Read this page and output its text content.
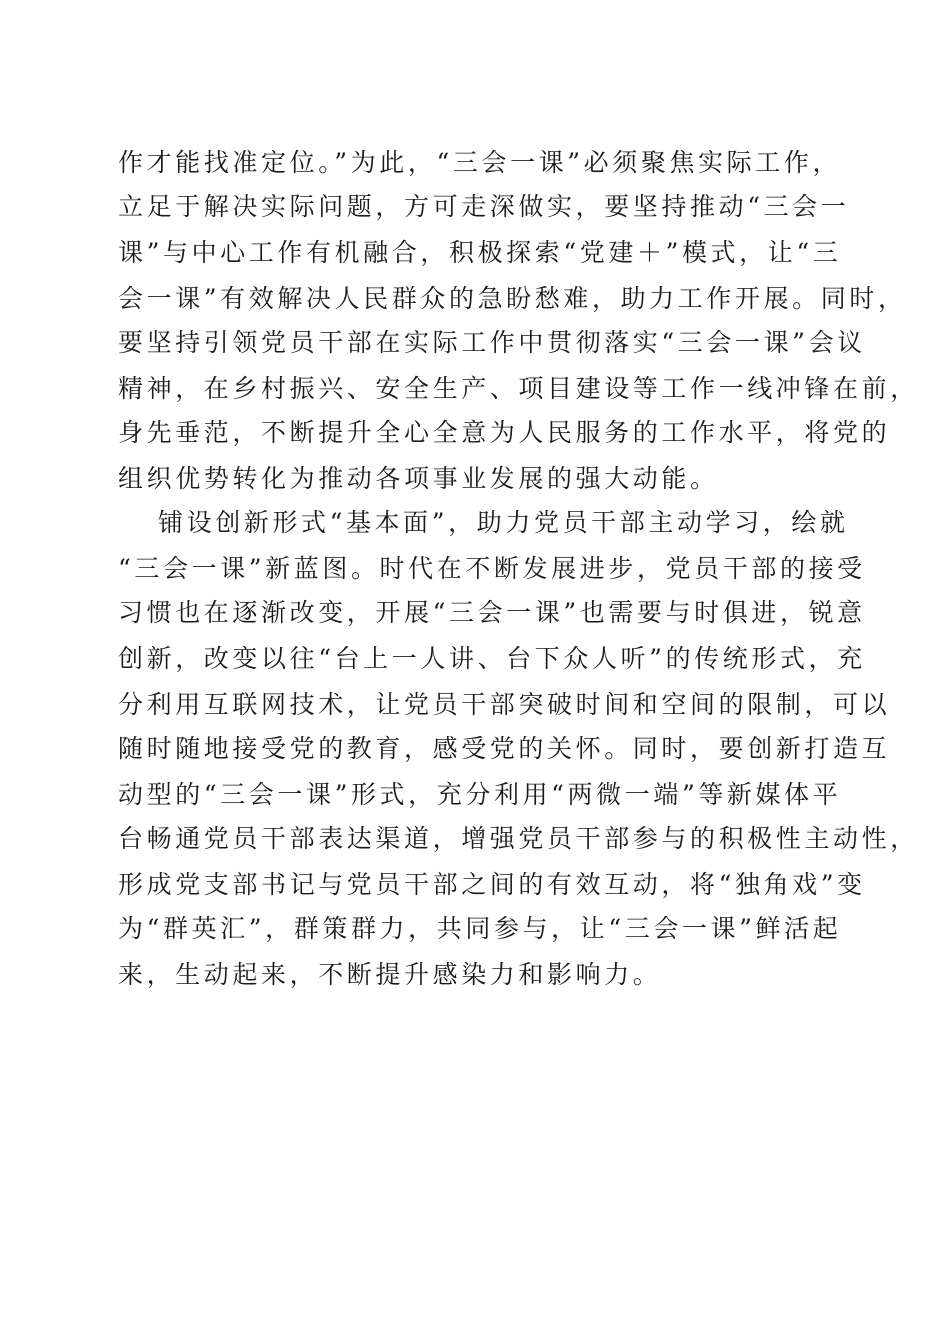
作才能找准定位。”为此，“三会一课”必须聚焦实际工作，
立足于解决实际问题，方可走深做实，要坚持推动“三会一
课”与中心工作有机融合，积极探索“党建＋”模式，让“三
会一课”有效解决人民群众的急盼愁难，助力工作开展。同时，
要坚持引领党员干部在实际工作中贯彻落实“三会一课”会议
精神，在乡村振兴、安全生产、项目建设等工作一线冲锋在前，
身先垂范，不断提升全心全意为人民服务的工作水平，将党的
组织优势转化为推动各项事业发展的强大动能。
铺设创新形式“基本面”，助力党员干部主动学习，绘就
“三会一课”新蓝图。时代在不断发展进步，党员干部的接受
习惯也在逐渐改变，开展“三会一课”也需要与时俱进，锐意
创新，改变以往“台上一人讲、台下众人听”的传统形式，充
分利用互联网技术，让党员干部突破时间和空间的限制，可以
随时随地接受党的教育，感受党的关怀。同时，要创新打造互
动型的“三会一课”形式，充分利用“两微一端”等新媒体平
台畅通党员干部表达渠道，增强党员干部参与的积极性主动性，
形成党支部书记与党员干部之间的有效互动，将“独角戏”变
为“群英汇”，群策群力，共同参与，让“三会一课”鲜活起
来，生动起来，不断提升感染力和影响力。
